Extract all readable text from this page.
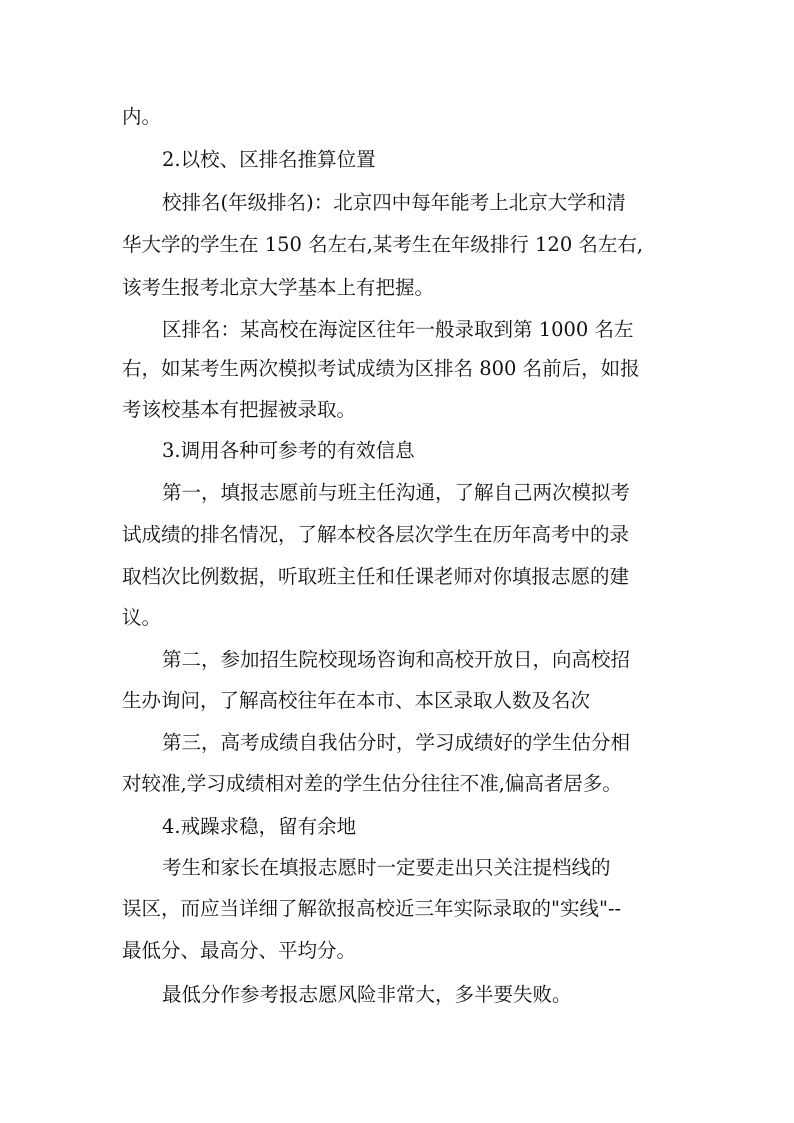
内。
2.以校、区排名推算位置
校排名(年级排名)：北京四中每年能考上北京大学和清
华大学的学生在 150 名左右,某考生在年级排行 120 名左右,
该考生报考北京大学基本上有把握。
区排名：某高校在海淀区往年一般录取到第 1000 名左
右，如某考生两次模拟考试成绩为区排名 800 名前后，如报
考该校基本有把握被录取。
3.调用各种可参考的有效信息
第一，填报志愿前与班主任沟通，了解自己两次模拟考
试成绩的排名情况，了解本校各层次学生在历年高考中的录
取档次比例数据，听取班主任和任课老师对你填报志愿的建
议。
第二，参加招生院校现场咨询和高校开放日，向高校招
生办询问，了解高校往年在本市、本区录取人数及名次
第三，高考成绩自我估分时，学习成绩好的学生估分相
对较准,学习成绩相对差的学生估分往往不准,偏高者居多。
4.戒躁求稳，留有余地
考生和家长在填报志愿时一定要走出只关注提档线的
误区，而应当详细了解欲报高校近三年实际录取的"实线"--
最低分、最高分、平均分。
最低分作参考报志愿风险非常大，多半要失败。
